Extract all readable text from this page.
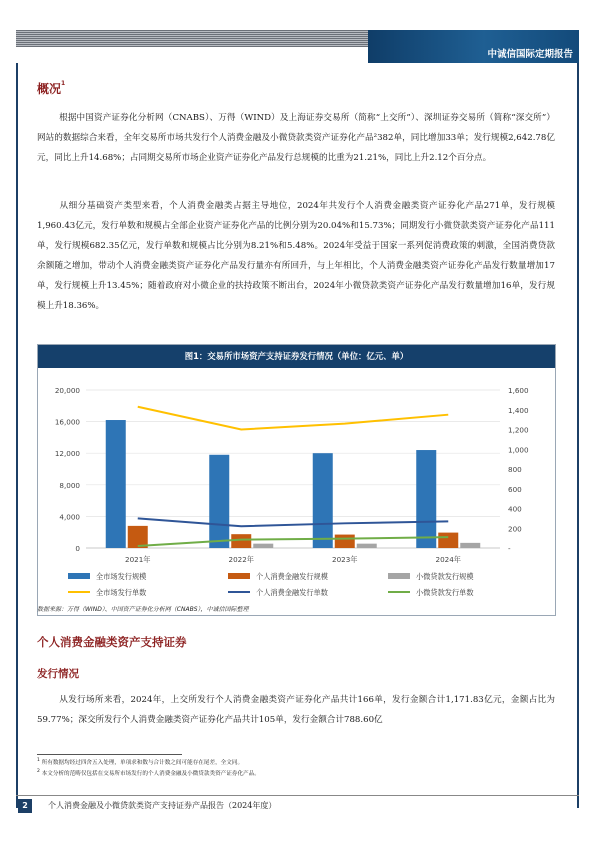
中诚信国际定期报告
概况$^1$
根据中国资产证券化分析网（CNABS）、万得（WIND）及上海证券交易所（简称“上交所”）、深圳证券交易所（简称“深交所”）网站的数据综合来看，全年交易所市场共发行个人消费金融及小微贷款类资产证券化产品²382单，同比增加33单；发行规模2,642.78亿元，同比上升14.68%；占同期交易所市场企业资产证券化产品发行总规模的比重为21.21%，同比上升2.12个百分点。
从细分基础资产类型来看，个人消费金融类占据主导地位，2024年共发行个人消费金融类资产证券化产品271单，发行规模1,960.43亿元，发行单数和规模占全部企业资产证券化产品的比例分别为20.04%和15.73%；同期发行小微贷款类资产证券化产品111单，发行规模682.35亿元，发行单数和规模占比分别为8.21%和5.48%。2024年受益于国家一系列促消费政策的刺激，全国消费贷款余额随之增加，带动个人消费金融类资产证券化产品发行量亦有所回升，与上年相比，个人消费金融类资产证券化产品发行数量增加17单，发行规模上升13.45%；随着政府对小微企业的扶持政策不断出台，2024年小微贷款类资产证券化产品发行数量增加16单，发行规模上升18.36%。
图1：交易所市场资产支持证券发行情况（单位：亿元、单）
0
4,000
8,000
12,000
16,000
20,000
-
200
400
600
800
1,000
1,200
1,400
1,600
2021年	2022年	2023年	2024年
全市场发行规模	个人消费金融发行规模	小微贷款发行规模
全市场发行单数	个人消费金融发行单数	小微贷款发行单数
数据来源：万得（WIND）、中国资产证券化分析网（CNABS），中诚信国际整理
个人消费金融类资产支持证券
发行情况
从发行场所来看，2024年，上交所发行个人消费金融类资产证券化产品共计166单，发行金额合计1,171.83亿元，金额占比为59.77%；深交所发行个人消费金融类资产证券化产品共计105单，发行金额合计788.60亿
$^1$ 所有数据均经过四舍五入处理，单项求和数与合计数之间可能存在尾差，全文同。
$^2$ 本文分析的范畴仅包括在交易所市场发行的个人消费金融及小微贷款类资产证券化产品。
2	个人消费金融及小微贷款类资产支持证券产品报告（2024年度）
